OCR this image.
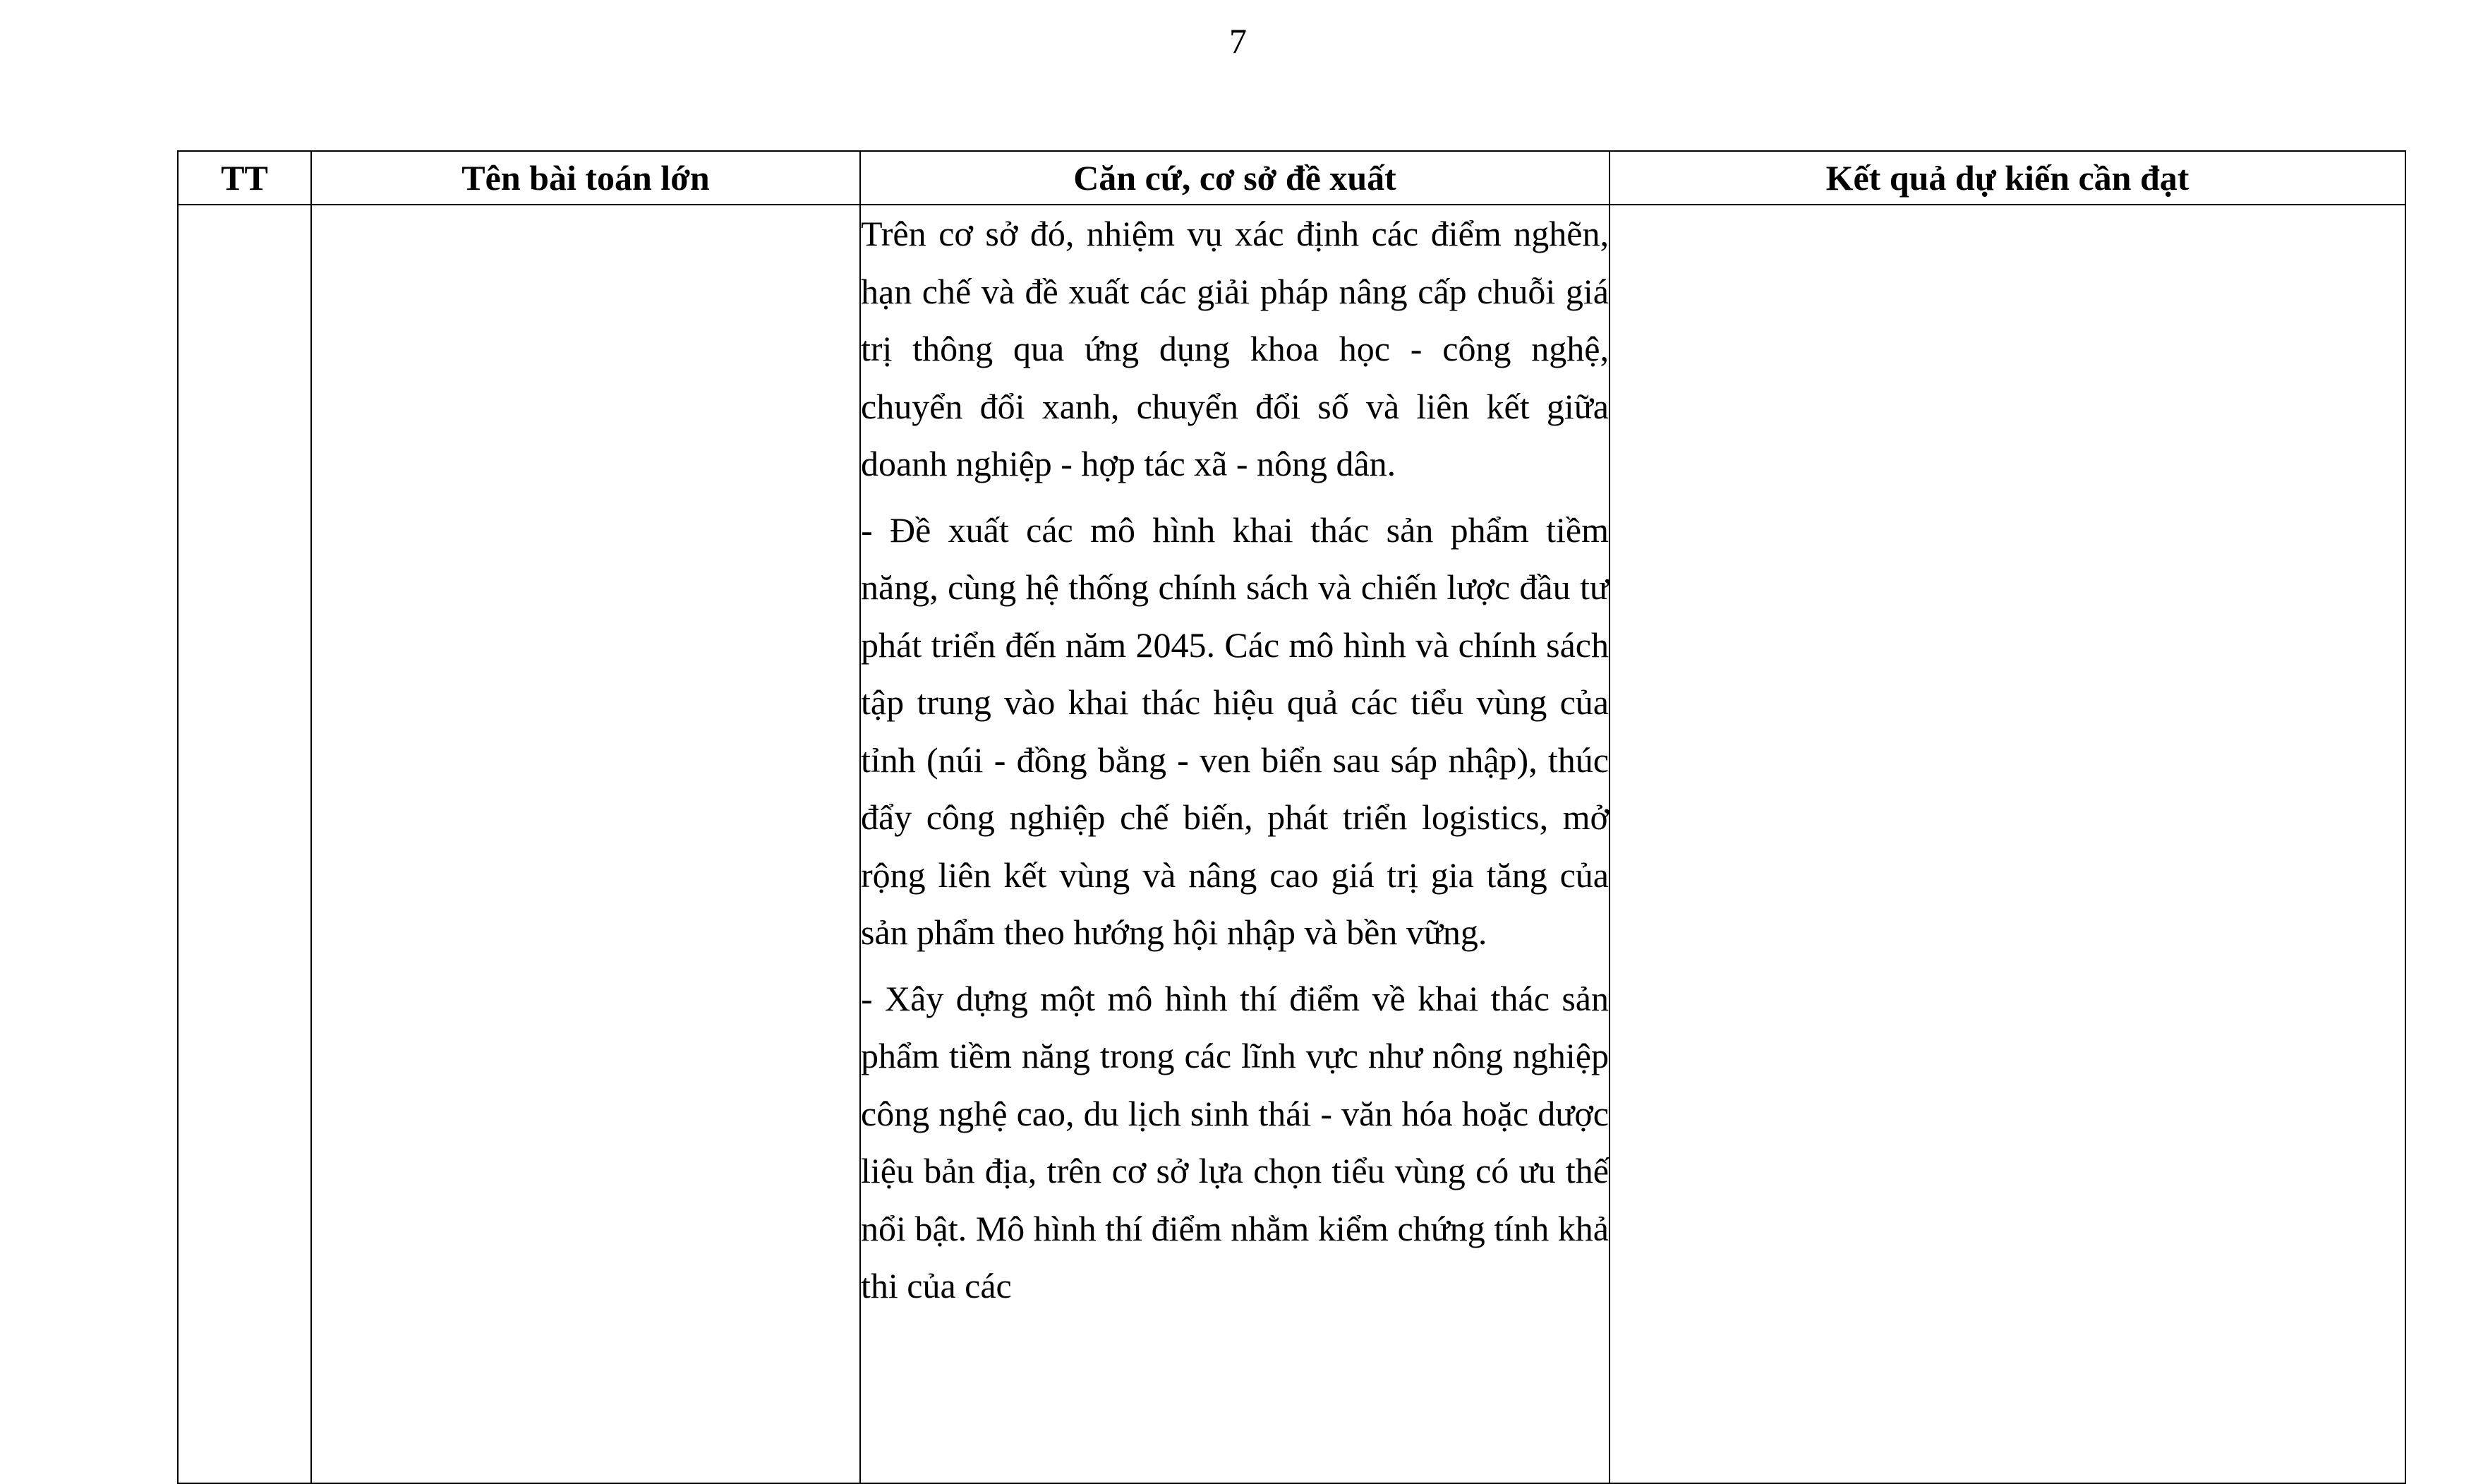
7
TT	Tên bài toán lớn	Căn cứ, cơ sở đề xuất	Kết quả dự kiến cần đạt

		Trên cơ sở đó, nhiệm vụ xác định các điểm nghẽn, hạn chế và đề xuất các giải pháp nâng cấp chuỗi giá trị thông qua ứng dụng khoa học - công nghệ, chuyển đổi xanh, chuyển đổi số và liên kết giữa doanh nghiệp - hợp tác xã - nông dân.

- Đề xuất các mô hình khai thác sản phẩm tiềm năng, cùng hệ thống chính sách và chiến lược đầu tư phát triển đến năm 2045. Các mô hình và chính sách tập trung vào khai thác hiệu quả các tiểu vùng của tỉnh (núi - đồng bằng - ven biển sau sáp nhập), thúc đẩy công nghiệp chế biến, phát triển logistics, mở rộng liên kết vùng và nâng cao giá trị gia tăng của sản phẩm theo hướng hội nhập và bền vững.

- Xây dựng một mô hình thí điểm về khai thác sản phẩm tiềm năng trong các lĩnh vực như nông nghiệp công nghệ cao, du lịch sinh thái - văn hóa hoặc dược liệu bản địa, trên cơ sở lựa chọn tiểu vùng có ưu thế nổi bật. Mô hình thí điểm nhằm kiểm chứng tính khả thi của các	
